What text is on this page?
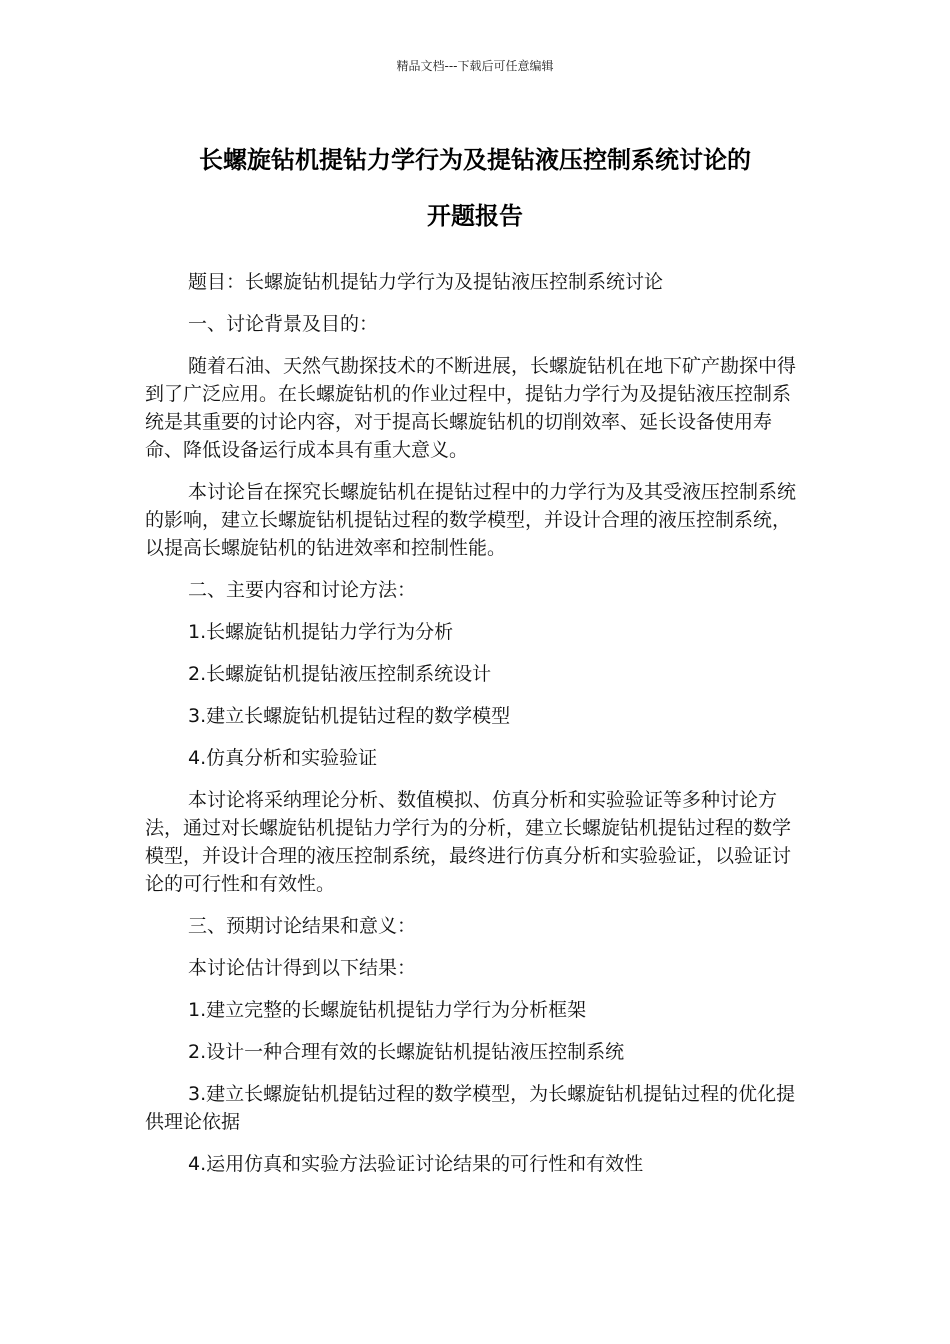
精品文档---下载后可任意编辑
长螺旋钻机提钻力学行为及提钻液压控制系统讨论的
开题报告

题目：长螺旋钻机提钻力学行为及提钻液压控制系统讨论

一、讨论背景及目的：

随着石油、天然气勘探技术的不断进展，长螺旋钻机在地下矿产勘探中得到了广泛应用。在长螺旋钻机的作业过程中，提钻力学行为及提钻液压控制系统是其重要的讨论内容，对于提高长螺旋钻机的切削效率、延长设备使用寿命、降低设备运行成本具有重大意义。

本讨论旨在探究长螺旋钻机在提钻过程中的力学行为及其受液压控制系统的影响，建立长螺旋钻机提钻过程的数学模型，并设计合理的液压控制系统，以提高长螺旋钻机的钻进效率和控制性能。

二、主要内容和讨论方法：

1.长螺旋钻机提钻力学行为分析

2.长螺旋钻机提钻液压控制系统设计

3.建立长螺旋钻机提钻过程的数学模型

4.仿真分析和实验验证

本讨论将采纳理论分析、数值模拟、仿真分析和实验验证等多种讨论方法，通过对长螺旋钻机提钻力学行为的分析，建立长螺旋钻机提钻过程的数学模型，并设计合理的液压控制系统，最终进行仿真分析和实验验证，以验证讨论的可行性和有效性。

三、预期讨论结果和意义：

本讨论估计得到以下结果：

1.建立完整的长螺旋钻机提钻力学行为分析框架

2.设计一种合理有效的长螺旋钻机提钻液压控制系统

3.建立长螺旋钻机提钻过程的数学模型，为长螺旋钻机提钻过程的优化提供理论依据

4.运用仿真和实验方法验证讨论结果的可行性和有效性
